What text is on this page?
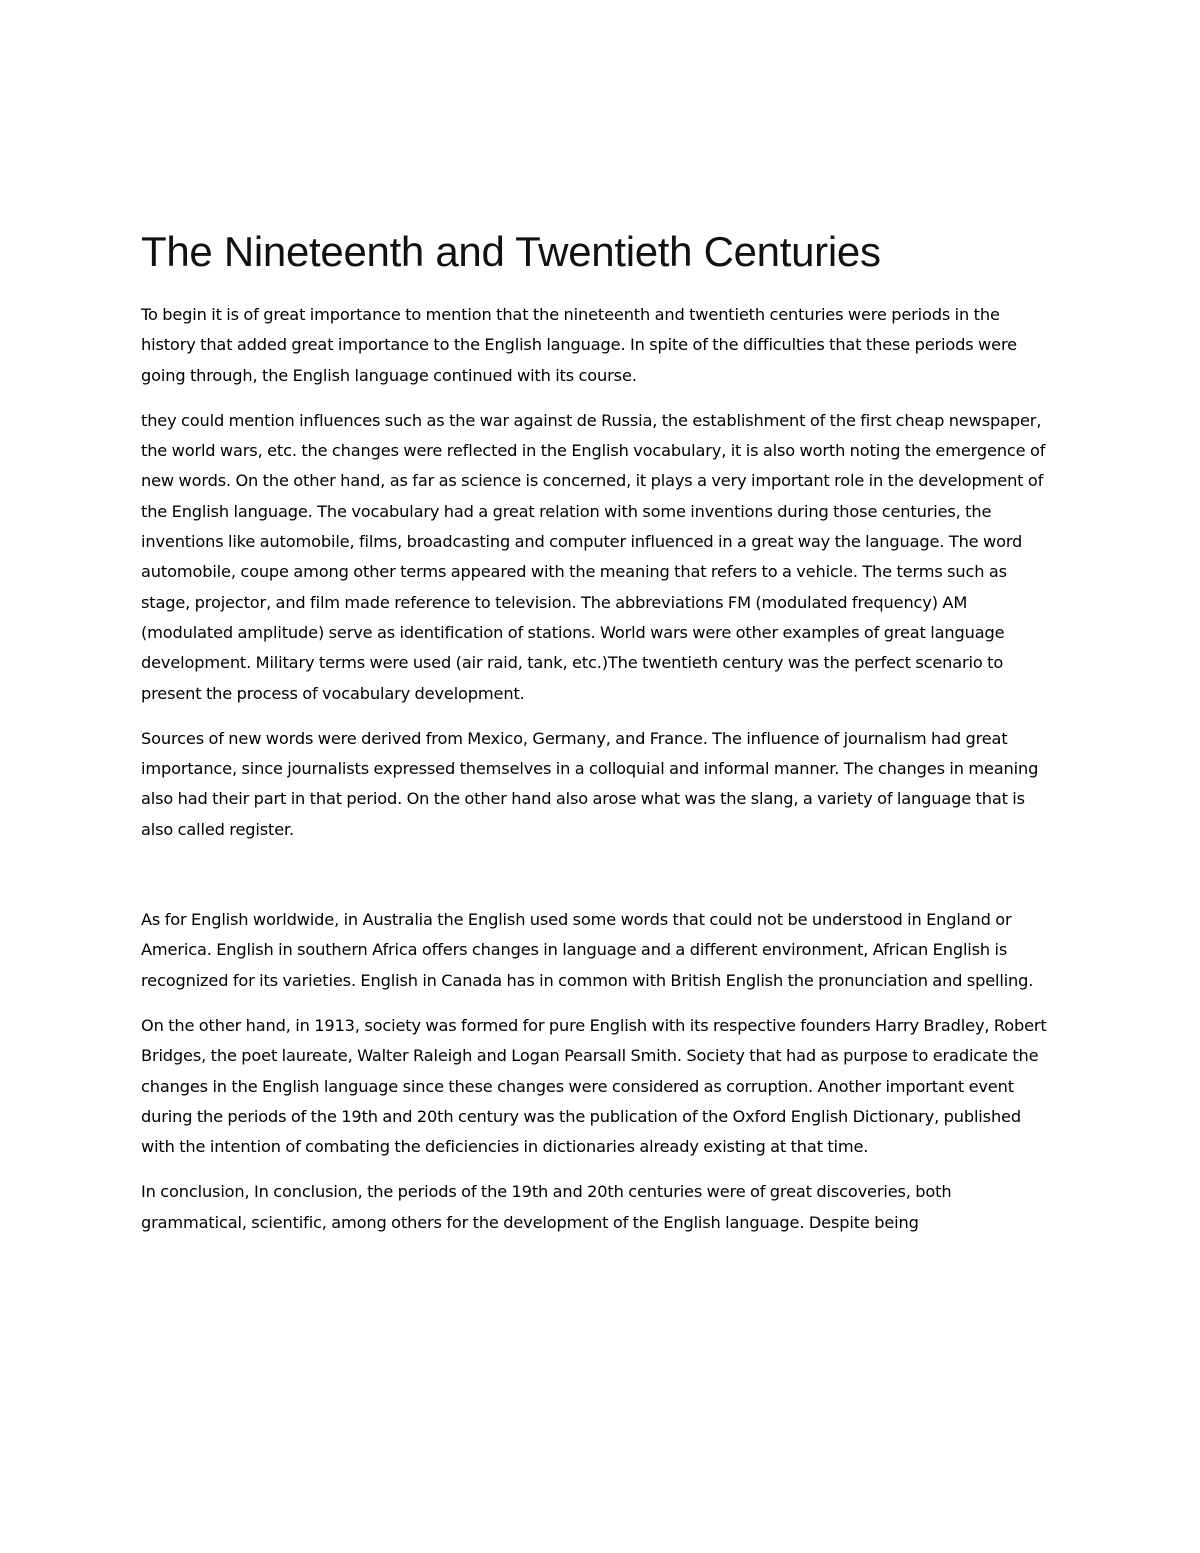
The Nineteenth and Twentieth Centuries

To begin it is of great importance to mention that the nineteenth and twentieth centuries were periods in the history that added great importance to the English language. In spite of the difficulties that these periods were going through, the English language continued with its course.

they could mention influences such as the war against de Russia, the establishment of the first cheap newspaper, the world wars, etc. the changes were reflected in the English vocabulary, it is also worth noting the emergence of new words. On the other hand, as far as science is concerned, it plays a very important role in the development of the English language. The vocabulary had a great relation with some inventions during those centuries, the inventions like automobile, films, broadcasting and computer influenced in a great way the language. The word automobile, coupe among other terms appeared with the meaning that refers to a vehicle. The terms such as stage, projector, and film made reference to television. The abbreviations FM (modulated frequency) AM (modulated amplitude) serve as identification of stations. World wars were other examples of great language development. Military terms were used (air raid, tank, etc.)The twentieth century was the perfect scenario to present the process of vocabulary development.

Sources of new words were derived from Mexico, Germany, and France. The influence of journalism had great importance, since journalists expressed themselves in a colloquial and informal manner. The changes in meaning also had their part in that period. On the other hand also arose what was the slang, a variety of language that is also called register.

As for English worldwide, in Australia the English used some words that could not be understood in England or America. English in southern Africa offers changes in language and a different environment, African English is recognized for its varieties. English in Canada has in common with British English the pronunciation and spelling.

On the other hand, in 1913, society was formed for pure English with its respective founders Harry Bradley, Robert Bridges, the poet laureate, Walter Raleigh and Logan Pearsall Smith. Society that had as purpose to eradicate the changes in the English language since these changes were considered as corruption. Another important event during the periods of the 19th and 20th century was the publication of the Oxford English Dictionary, published with the intention of combating the deficiencies in dictionaries already existing at that time.

In conclusion, In conclusion, the periods of the 19th and 20th centuries were of great discoveries, both grammatical, scientific, among others for the development of the English language. Despite being
